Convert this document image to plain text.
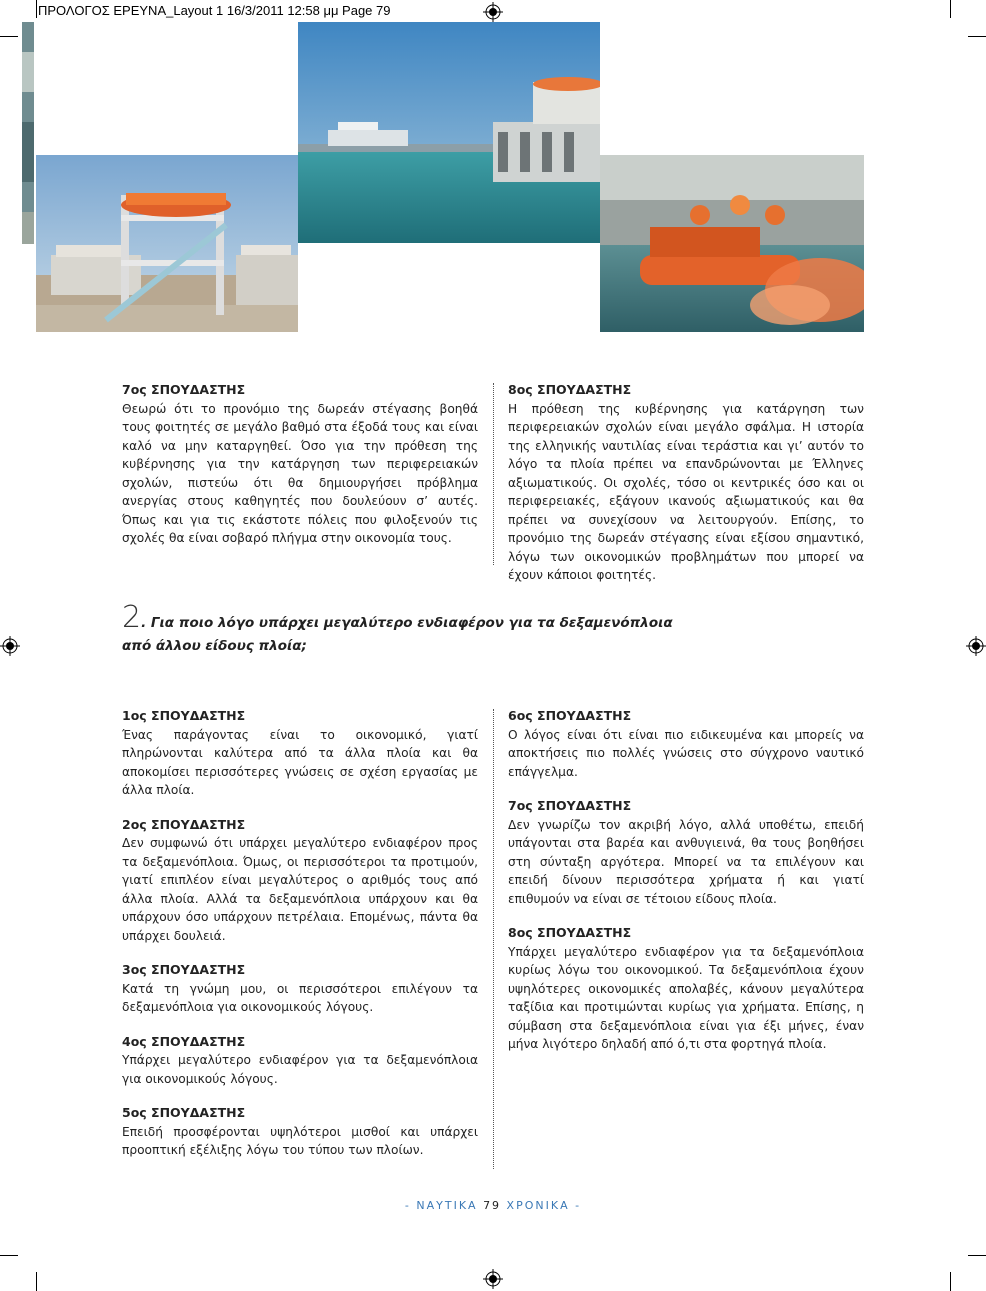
ΠΡΟΛΟΓΟΣ ΕΡΕΥΝΑ_Layout 1 16/3/2011 12:58 μμ Page 79
7ος ΣΠΟΥΔΑΣΤΗΣ

Θεωρώ ότι το προνόμιο της δωρεάν στέγασης βοηθά τους φοιτητές σε μεγάλο βαθμό στα έξοδά τους και είναι καλό να μην καταργηθεί. Όσο για την πρόθεση της κυβέρνησης για την κατάργηση των περιφερειακών σχολών, πιστεύω ότι θα δημιουργήσει πρόβλημα ανεργίας στους καθηγητές που δουλεύουν σ’ αυτές. Όπως και για τις εκάστοτε πόλεις που φιλοξενούν τις σχολές θα είναι σοβαρό πλήγμα στην οικονομία τους.

8ος ΣΠΟΥΔΑΣΤΗΣ

Η πρόθεση της κυβέρνησης για κατάργηση των περιφερειακών σχολών είναι μεγάλο σφάλμα. Η ιστορία της ελληνικής ναυτιλίας είναι τεράστια και γι’ αυτόν το λόγο τα πλοία πρέπει να επανδρώνονται με Έλληνες αξιωματικούς. Οι σχολές, τόσο οι κεντρικές όσο και οι περιφερειακές, εξάγουν ικανούς αξιωματικούς και θα πρέπει να συνεχίσουν να λειτουργούν. Επίσης, το προνόμιο της δωρεάν στέγασης είναι εξίσου σημαντικό, λόγω των οικονομικών προβλημάτων που μπορεί να έχουν κάποιοι φοιτητές.

2. Για ποιο λόγο υπάρχει μεγαλύτερο ενδιαφέρον για τα δεξαμενόπλοια
από άλλου είδους πλοία;
1ος ΣΠΟΥΔΑΣΤΗΣ

Ένας παράγοντας είναι το οικονομικό, γιατί πληρώνονται καλύτερα από τα άλλα πλοία και θα αποκομίσει περισσότερες γνώσεις σε σχέση εργασίας με άλλα πλοία.

2ος ΣΠΟΥΔΑΣΤΗΣ

Δεν συμφωνώ ότι υπάρχει μεγαλύτερο ενδιαφέρον προς τα δεξαμενόπλοια. Όμως, οι περισσότεροι τα προτιμούν, γιατί επιπλέον είναι μεγαλύτερος ο αριθμός τους από άλλα πλοία. Αλλά τα δεξαμενόπλοια υπάρχουν και θα υπάρχουν όσο υπάρχουν πετρέλαια. Επομένως, πάντα θα υπάρχει δουλειά.

3ος ΣΠΟΥΔΑΣΤΗΣ

Κατά τη γνώμη μου, οι περισσότεροι επιλέγουν τα δεξαμενόπλοια για οικονομικούς λόγους.

4ος ΣΠΟΥΔΑΣΤΗΣ

Υπάρχει μεγαλύτερο ενδιαφέρον για τα δεξαμενόπλοια για οικονομικούς λόγους.

5ος ΣΠΟΥΔΑΣΤΗΣ

Επειδή προσφέρονται υψηλότεροι μισθοί και υπάρχει προοπτική εξέλιξης λόγω του τύπου των πλοίων.

6ος ΣΠΟΥΔΑΣΤΗΣ

Ο λόγος είναι ότι είναι πιο ειδικευμένα και μπορείς να αποκτήσεις πιο πολλές γνώσεις στο σύγχρονο ναυτικό επάγγελμα.

7ος ΣΠΟΥΔΑΣΤΗΣ

Δεν γνωρίζω τον ακριβή λόγο, αλλά υποθέτω, επειδή υπάγονται στα βαρέα και ανθυγιεινά, θα τους βοηθήσει στη σύνταξη αργότερα. Μπορεί να τα επιλέγουν και επειδή δίνουν περισσότερα χρήματα ή και γιατί επιθυμούν να είναι σε τέτοιου είδους πλοία.

8ος ΣΠΟΥΔΑΣΤΗΣ

Υπάρχει μεγαλύτερο ενδιαφέρον για τα δεξαμενόπλοια κυρίως λόγω του οικονομικού. Τα δεξαμενόπλοια έχουν υψηλότερες οικονομικές απολαβές, κάνουν μεγαλύτερα ταξίδια και προτιμώνται κυρίως για χρήματα. Επίσης, η σύμβαση στα δεξαμενόπλοια είναι για έξι μήνες, έναν μήνα λιγότερο δηλαδή από ό,τι στα φορτηγά πλοία.

- ΝΑΥΤΙΚΑ 79 ΧΡΟΝΙΚΑ -
